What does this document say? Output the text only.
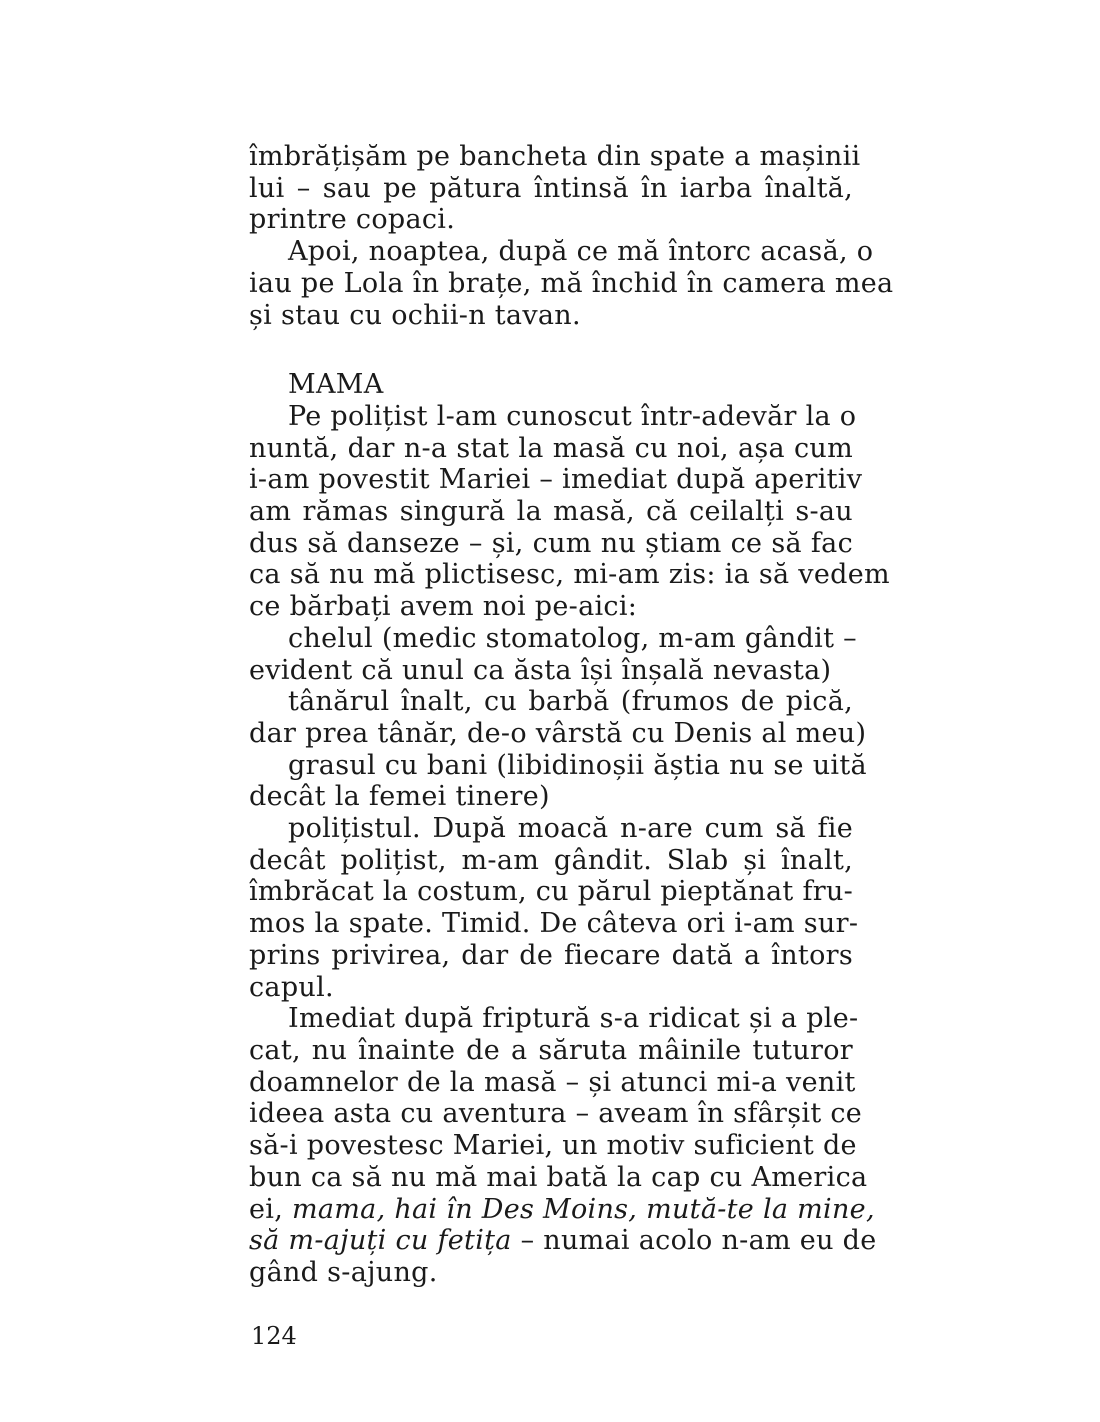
îmbrățișăm pe bancheta din spate a mașinii
lui – sau pe pătura întinsă în iarba înaltă,
printre copaci.
Apoi, noaptea, după ce mă întorc acasă, o
iau pe Lola în brațe, mă închid în camera mea
și stau cu ochii-n tavan.
MAMA
Pe polițist l-am cunoscut într-adevăr la o
nuntă, dar n-a stat la masă cu noi, așa cum
i-am povestit Mariei – imediat după aperitiv
am rămas singură la masă, că ceilalți s-au
dus să danseze – și, cum nu știam ce să fac
ca să nu mă plictisesc, mi-am zis: ia să vedem
ce bărbați avem noi pe-aici:
chelul (medic stomatolog, m-am gândit –
evident că unul ca ăsta își înșală nevasta)
tânărul înalt, cu barbă (frumos de pică,
dar prea tânăr, de-o vârstă cu Denis al meu)
grasul cu bani (libidinoșii ăștia nu se uită
decât la femei tinere)
polițistul. După moacă n-are cum să fie
decât polițist, m-am gândit. Slab și înalt,
îmbrăcat la costum, cu părul pieptănat fru-
mos la spate. Timid. De câteva ori i-am sur-
prins privirea, dar de fiecare dată a întors
capul.
Imediat după friptură s-a ridicat și a ple-
cat, nu înainte de a săruta mâinile tuturor
doamnelor de la masă – și atunci mi-a venit
ideea asta cu aventura – aveam în sfârșit ce
să-i povestesc Mariei, un motiv suficient de
bun ca să nu mă mai bată la cap cu America
ei, mama, hai în Des Moins, mută-te la mine,
să m-ajuți cu fetița – numai acolo n-am eu de
gând s-ajung.
124
